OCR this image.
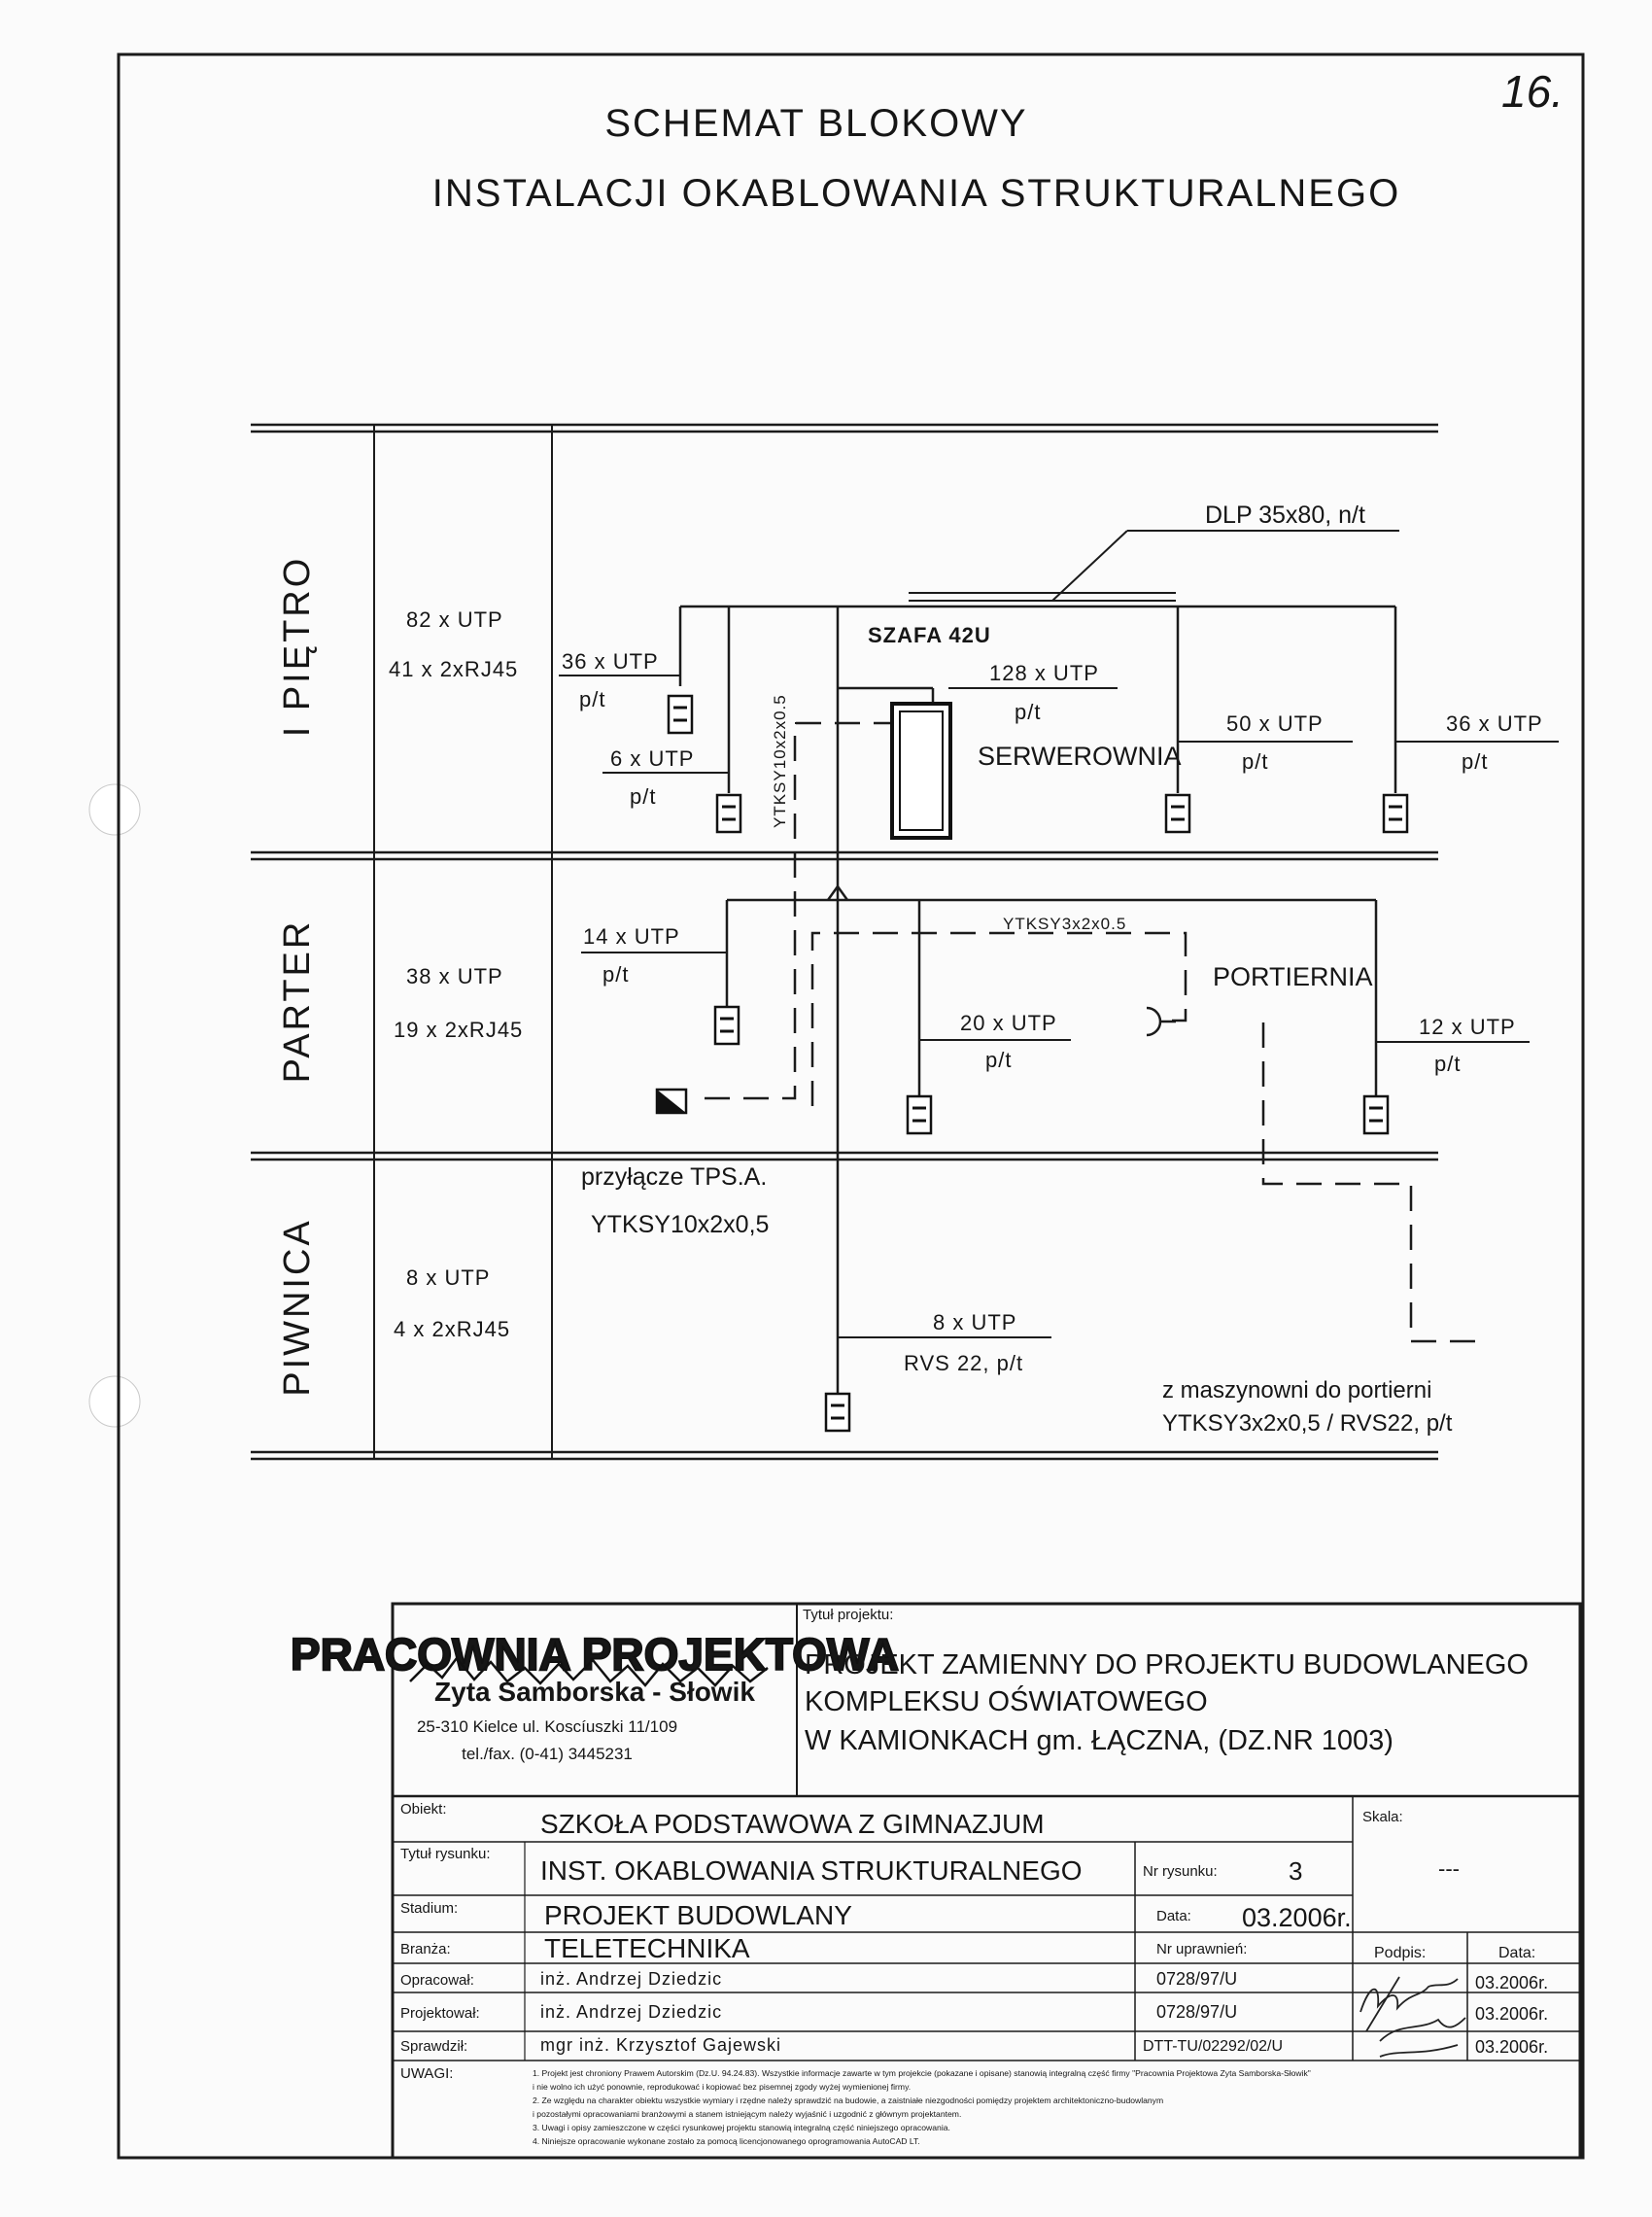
16.
SCHEMAT BLOKOWY
INSTALACJI OKABLOWANIA STRUKTURALNEGO
I PIĘTRO
PARTER
PIWNICA
82 x UTP
41 x 2xRJ45
38 x UTP
19 x 2xRJ45
8 x UTP
4 x 2xRJ45
DLP 35x80, n/t
SZAFA 42U
SERWEROWNIA
YTKSY10x2x0.5
PORTIERNIA
YTKSY3x2x0.5
przyłącze TPS.A.
YTKSY10x2x0,5
z maszynowni do portierni
YTKSY3x2x0,5 / RVS22, p/t
36 x UTP
p/t
6 x UTP
p/t
128 x UTP
p/t	50 x UTP
p/t
36 x UTP
p/t
14 x UTP
p/t
20 x UTP
p/t
12 x UTP
p/t
8 x UTP
RVS 22, p/t
PRACOWNIA PROJEKTOWA
Zyta Samborska - Słowik
25-310 Kielce ul. Koscíuszki 11/109
tel./fax. (0-41) 3445231
Tytuł projektu:
PROJEKT ZAMIENNY DO PROJEKTU BUDOWLANEGO
KOMPLEKSU OŚWIATOWEGO
W KAMIONKACH gm. ŁĄCZNA, (DZ.NR 1003)
Obiekt:	SZKOŁA PODSTAWOWA Z GIMNAZJUM	Skala:
---
Tytuł rysunku:
INST. OKABLOWANIA STRUKTURALNEGO	Nr rysunku:	3
Stadium:	PROJEKT BUDOWLANY	Data: 03.2006r.
Branża:	TELETECHNIKA	Nr uprawnień:	Podpis:	Data:
Opracował:	inż. Andrzej Dziedzic	0728/97/U	03.2006r.
Projektował:	inż. Andrzej Dziedzic	0728/97/U	03.2006r.
Sprawdził:	mgr inż. Krzysztof Gajewski	DTT-TU/02292/02/U	03.2006r.
UWAGI:	1. Projekt jest chroniony Prawem Autorskim (Dz.U. 94.24.83). Wszystkie informacje zawarte w tym projekcie (pokazane i opisane) stanowią integralną część firmy "Pracownia Projektowa Zyta Samborska-Słowik"
i nie wolno ich użyć ponownie, reprodukować i kopiować bez pisemnej zgody wyżej wymienionej firmy.
2. Ze względu na charakter obiektu wszystkie wymiary i rzędne należy sprawdzić na budowie, a zaistniałe niezgodności pomiędzy projektem architektoniczno-budowlanym
i pozostałymi opracowaniami branżowymi a stanem istniejącym należy wyjaśnić i uzgodnić z głównym projektantem.
3. Uwagi i opisy zamieszczone w części rysunkowej projektu stanowią integralną część niniejszego opracowania.
4. Niniejsze opracowanie wykonane zostało za pomocą licencjonowanego oprogramowania AutoCAD LT.
